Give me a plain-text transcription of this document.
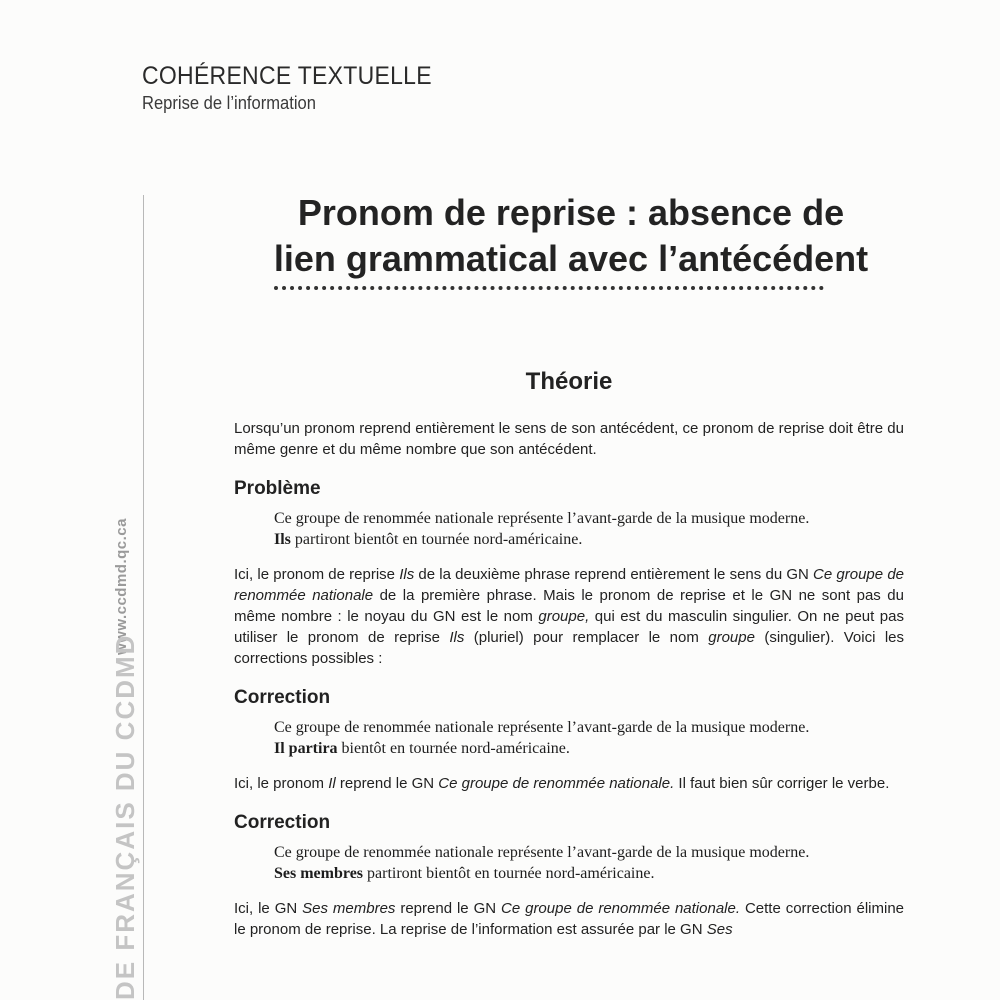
COHÉRENCE TEXTUELLE
Reprise de l’information
www.ccdmd.qc.ca
DE FRANÇAIS DU CCDMD
Pronom de reprise : absence de
lien grammatical avec l’antécédent
Théorie

Lorsqu’un pronom reprend entièrement le sens de son antécédent, ce pronom de reprise doit être du même genre et du même nombre que son antécédent.

Problème
Ce groupe de renommée nationale représente l’avant-garde de la musique moderne.
Ils partiront bientôt en tournée nord-américaine.

Ici, le pronom de reprise Ils de la deuxième phrase reprend entièrement le sens du GN Ce groupe de renommée nationale de la première phrase. Mais le pronom de reprise et le GN ne sont pas du même nombre : le noyau du GN est le nom groupe, qui est du masculin singulier. On ne peut pas utiliser le pronom de reprise Ils (pluriel) pour remplacer le nom groupe (singulier). Voici les corrections possibles :

Correction
Ce groupe de renommée nationale représente l’avant-garde de la musique moderne.
Il partira bientôt en tournée nord-américaine.

Ici, le pronom Il reprend le GN Ce groupe de renommée nationale. Il faut bien sûr corriger le verbe.

Correction
Ce groupe de renommée nationale représente l’avant-garde de la musique moderne.
Ses membres partiront bientôt en tournée nord-américaine.

Ici, le GN Ses membres reprend le GN Ce groupe de renommée nationale. Cette correction élimine le pronom de reprise. La reprise de l’information est assurée par le GN Ses
